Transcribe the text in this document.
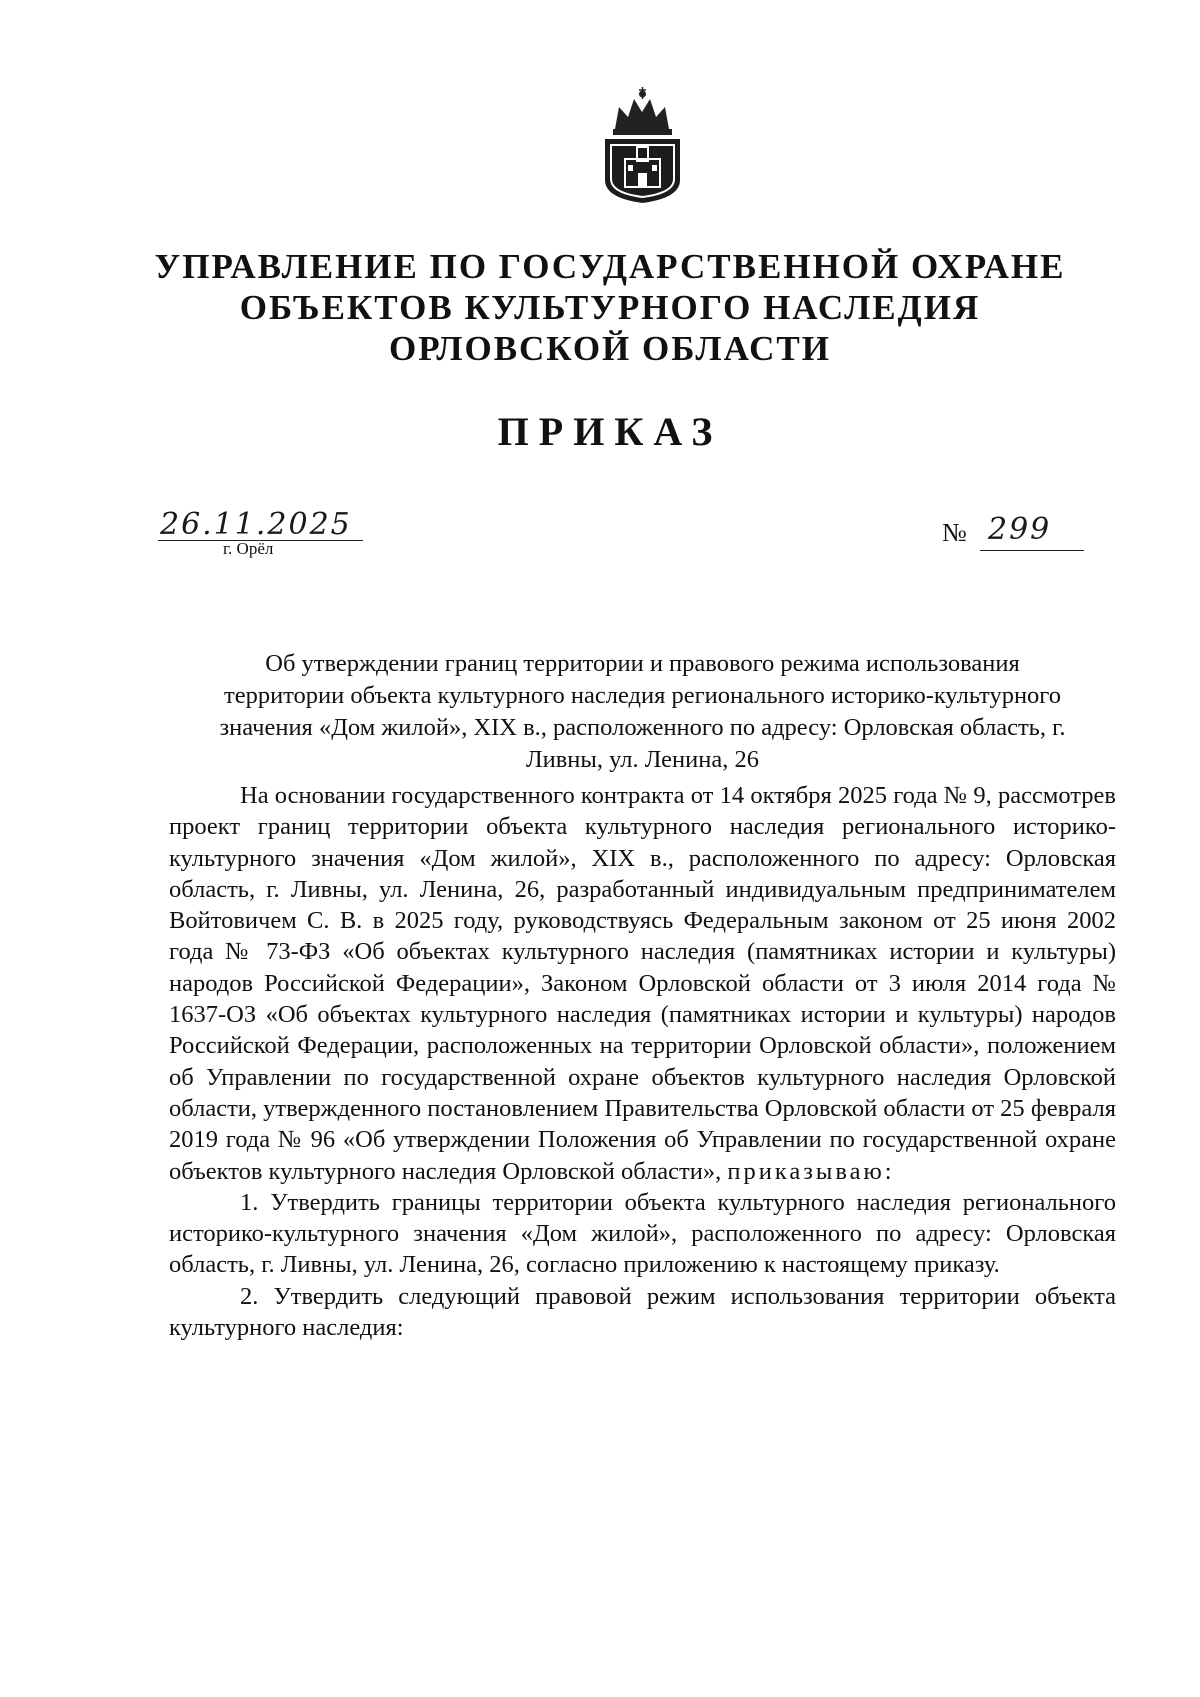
УПРАВЛЕНИЕ ПО ГОСУДАРСТВЕННОЙ ОХРАНЕ
ОБЪЕКТОВ КУЛЬТУРНОГО НАСЛЕДИЯ
ОРЛОВСКОЙ ОБЛАСТИ
ПРИКАЗ
26.11.2025
г. Орёл
№ 299
Об утверждении границ территории и правового режима использования
территории объекта культурного наследия регионального историко-культурного
значения «Дом жилой», XIX в., расположенного по адресу: Орловская область, г.
Ливны, ул. Ленина, 26

На основании государственного контракта от 14 октября 2025 года № 9, рассмотрев проект границ территории объекта культурного наследия регионального историко-культурного значения «Дом жилой», XIX в., расположенного по адресу: Орловская область, г. Ливны, ул. Ленина, 26, разработанный индивидуальным предпринимателем Войтовичем С. В. в 2025 году, руководствуясь Федеральным законом от 25 июня 2002 года № 73-ФЗ «Об объектах культурного наследия (памятниках истории и культуры) народов Российской Федерации», Законом Орловской области от 3 июля 2014 года № 1637-ОЗ «Об объектах культурного наследия (памятниках истории и культуры) народов Российской Федерации, расположенных на территории Орловской области», положением об Управлении по государственной охране объектов культурного наследия Орловской области, утвержденного постановлением Правительства Орловской области от 25 февраля 2019 года № 96 «Об утверждении Положения об Управлении по государственной охране объектов культурного наследия Орловской области», приказываю:

1. Утвердить границы территории объекта культурного наследия регионального историко-культурного значения «Дом жилой», расположенного по адресу: Орловская область, г. Ливны, ул. Ленина, 26, согласно приложению к настоящему приказу.

2. Утвердить следующий правовой режим использования территории объекта культурного наследия:
